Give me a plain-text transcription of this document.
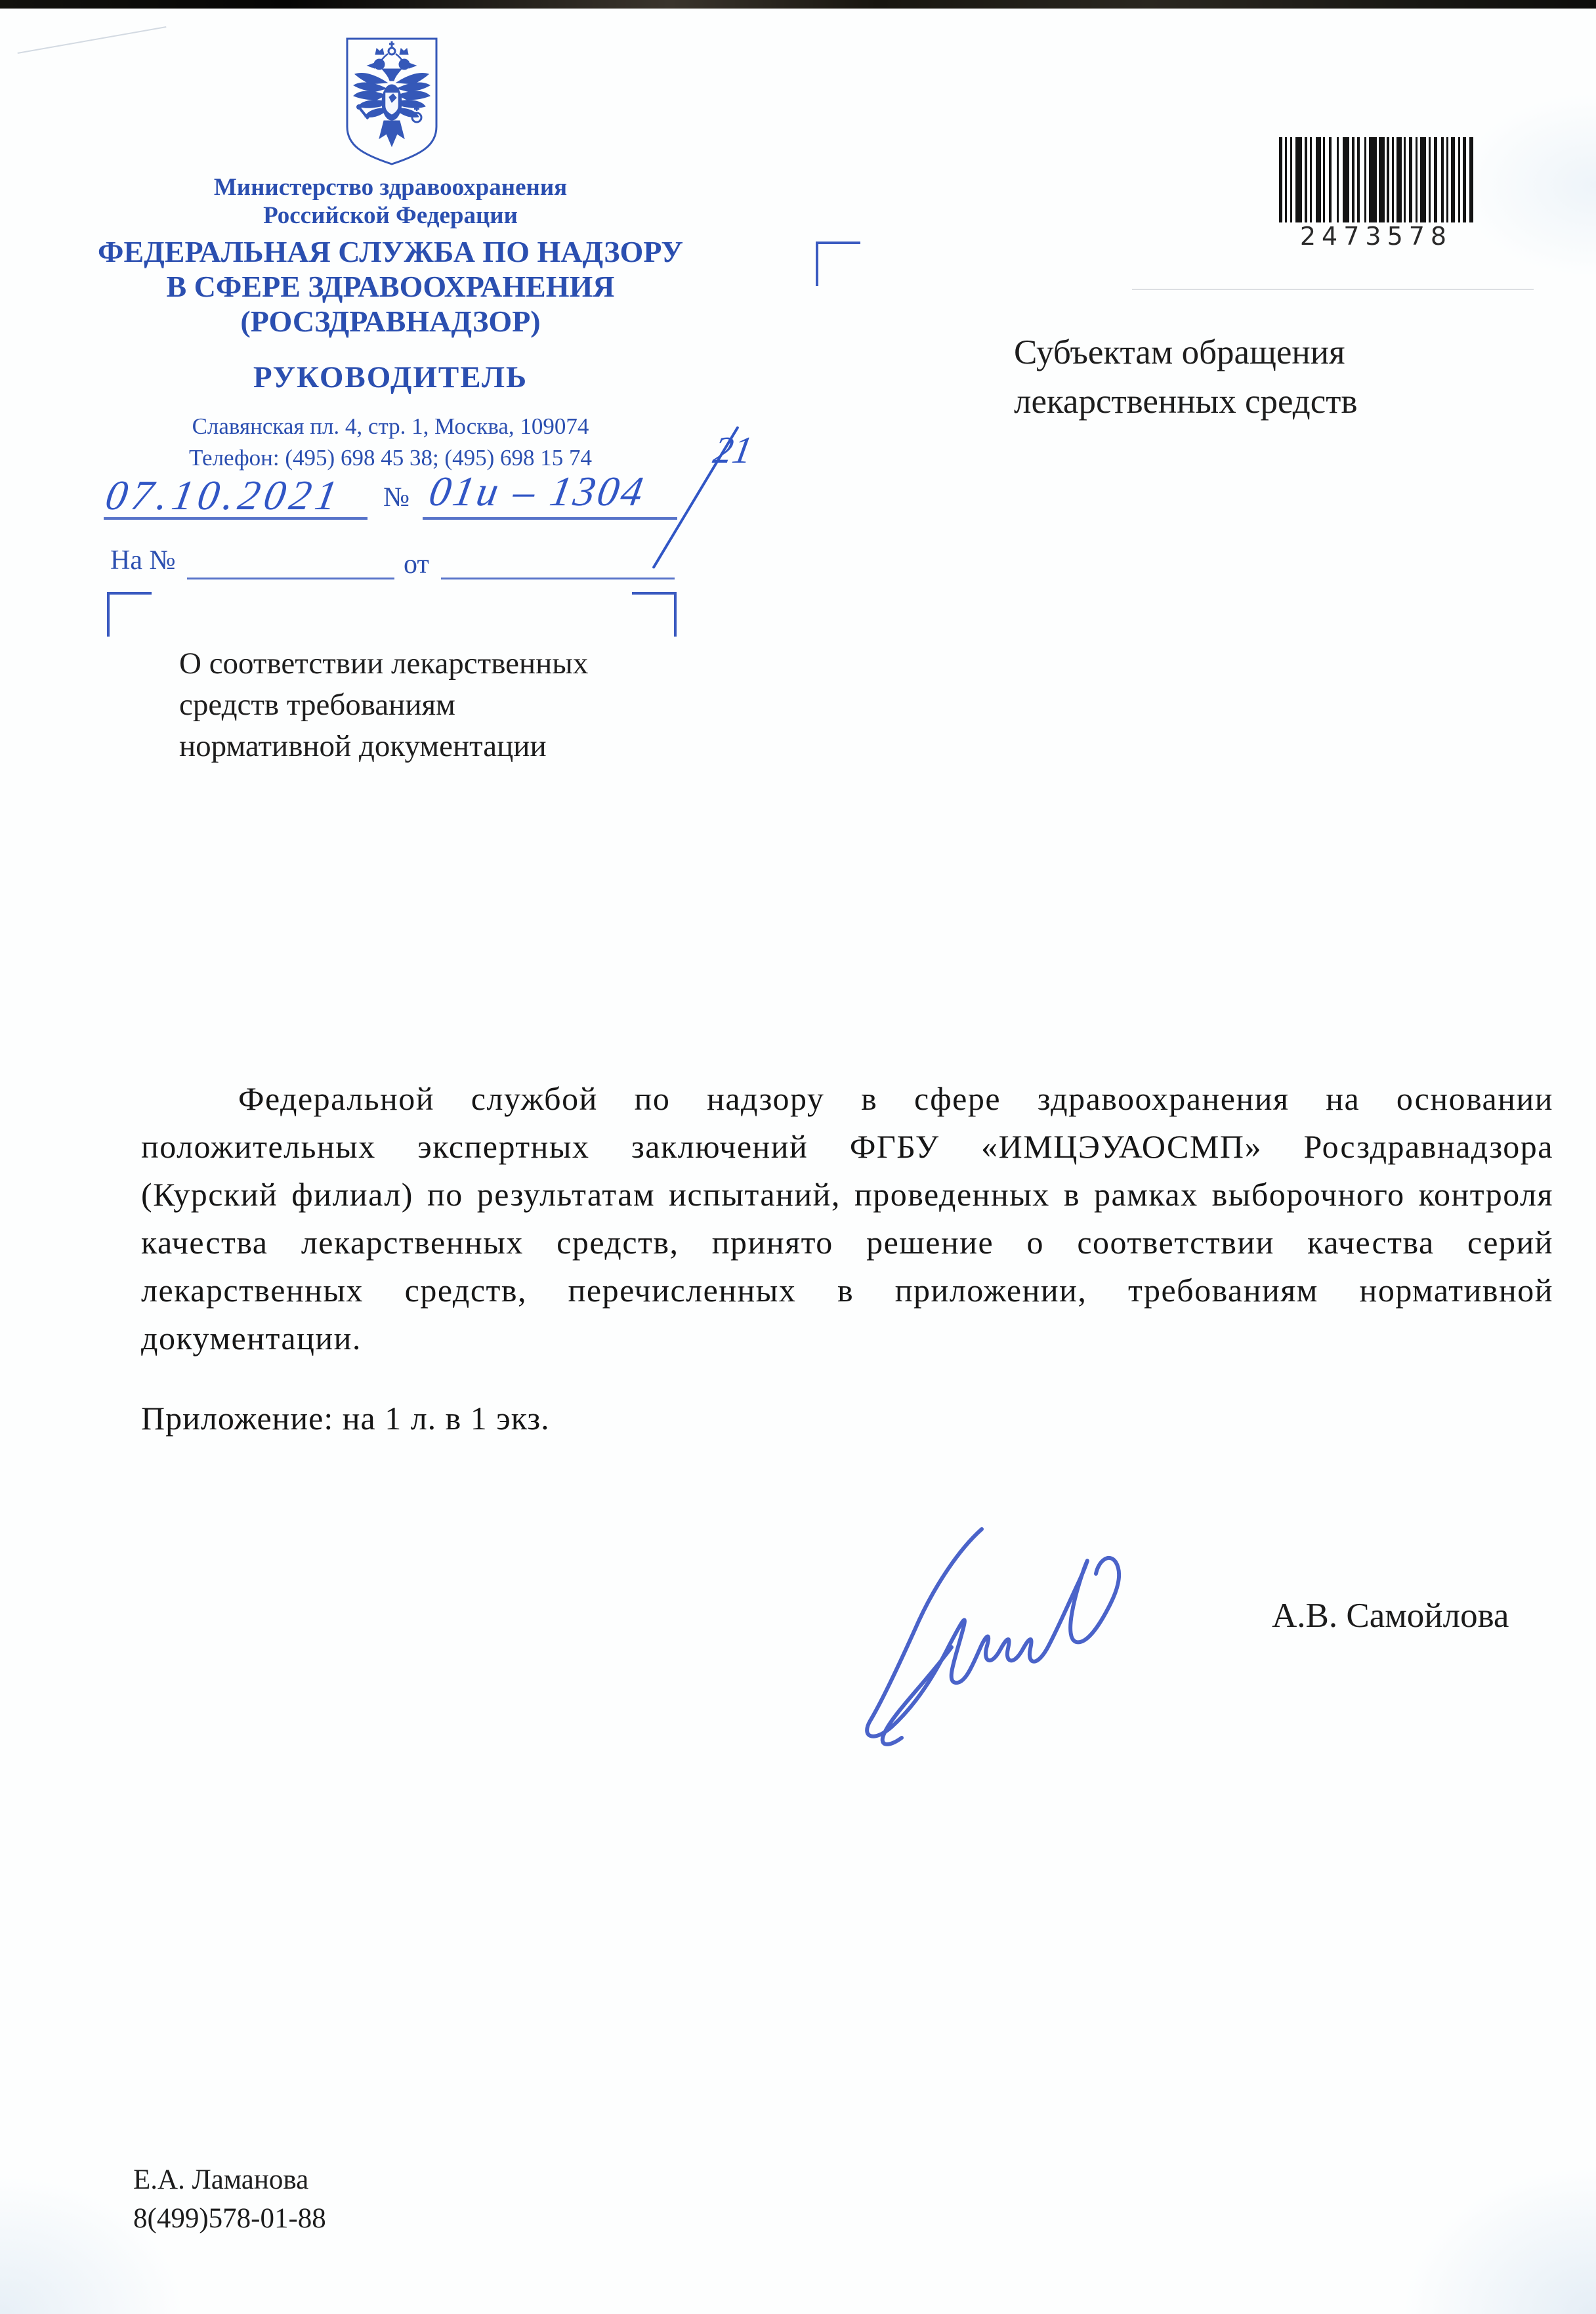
Министерство здравоохранения
Российской Федерации
ФЕДЕРАЛЬНАЯ СЛУЖБА ПО НАДЗОРУ
В СФЕРЕ ЗДРАВООХРАНЕНИЯ
(РОСЗДРАВНАДЗОР)
РУКОВОДИТЕЛЬ
Славянская пл. 4, стр. 1, Москва, 109074
Телефон: (495) 698 45 38; (495) 698 15 74
07.10.2021 № 01и – 1304
21
На №	от
2473578
Субъектам обращения
лекарственных средств
О соответствии лекарственных
средств требованиям
нормативной документации

Федеральной службой по надзору в сфере здравоохранения на основании положительных экспертных заключений ФГБУ «ИМЦЭУАОСМП» Росздравнадзора (Курский филиал) по результатам испытаний, проведенных в рамках выборочного контроля качества лекарственных средств, принято решение о соответствии качества серий лекарственных средств, перечисленных в приложении, требованиям нормативной документации.

Приложение: на 1 л. в 1 экз.
А.В. Самойлова
Е.А. Ламанова
8(499)578-01-88
